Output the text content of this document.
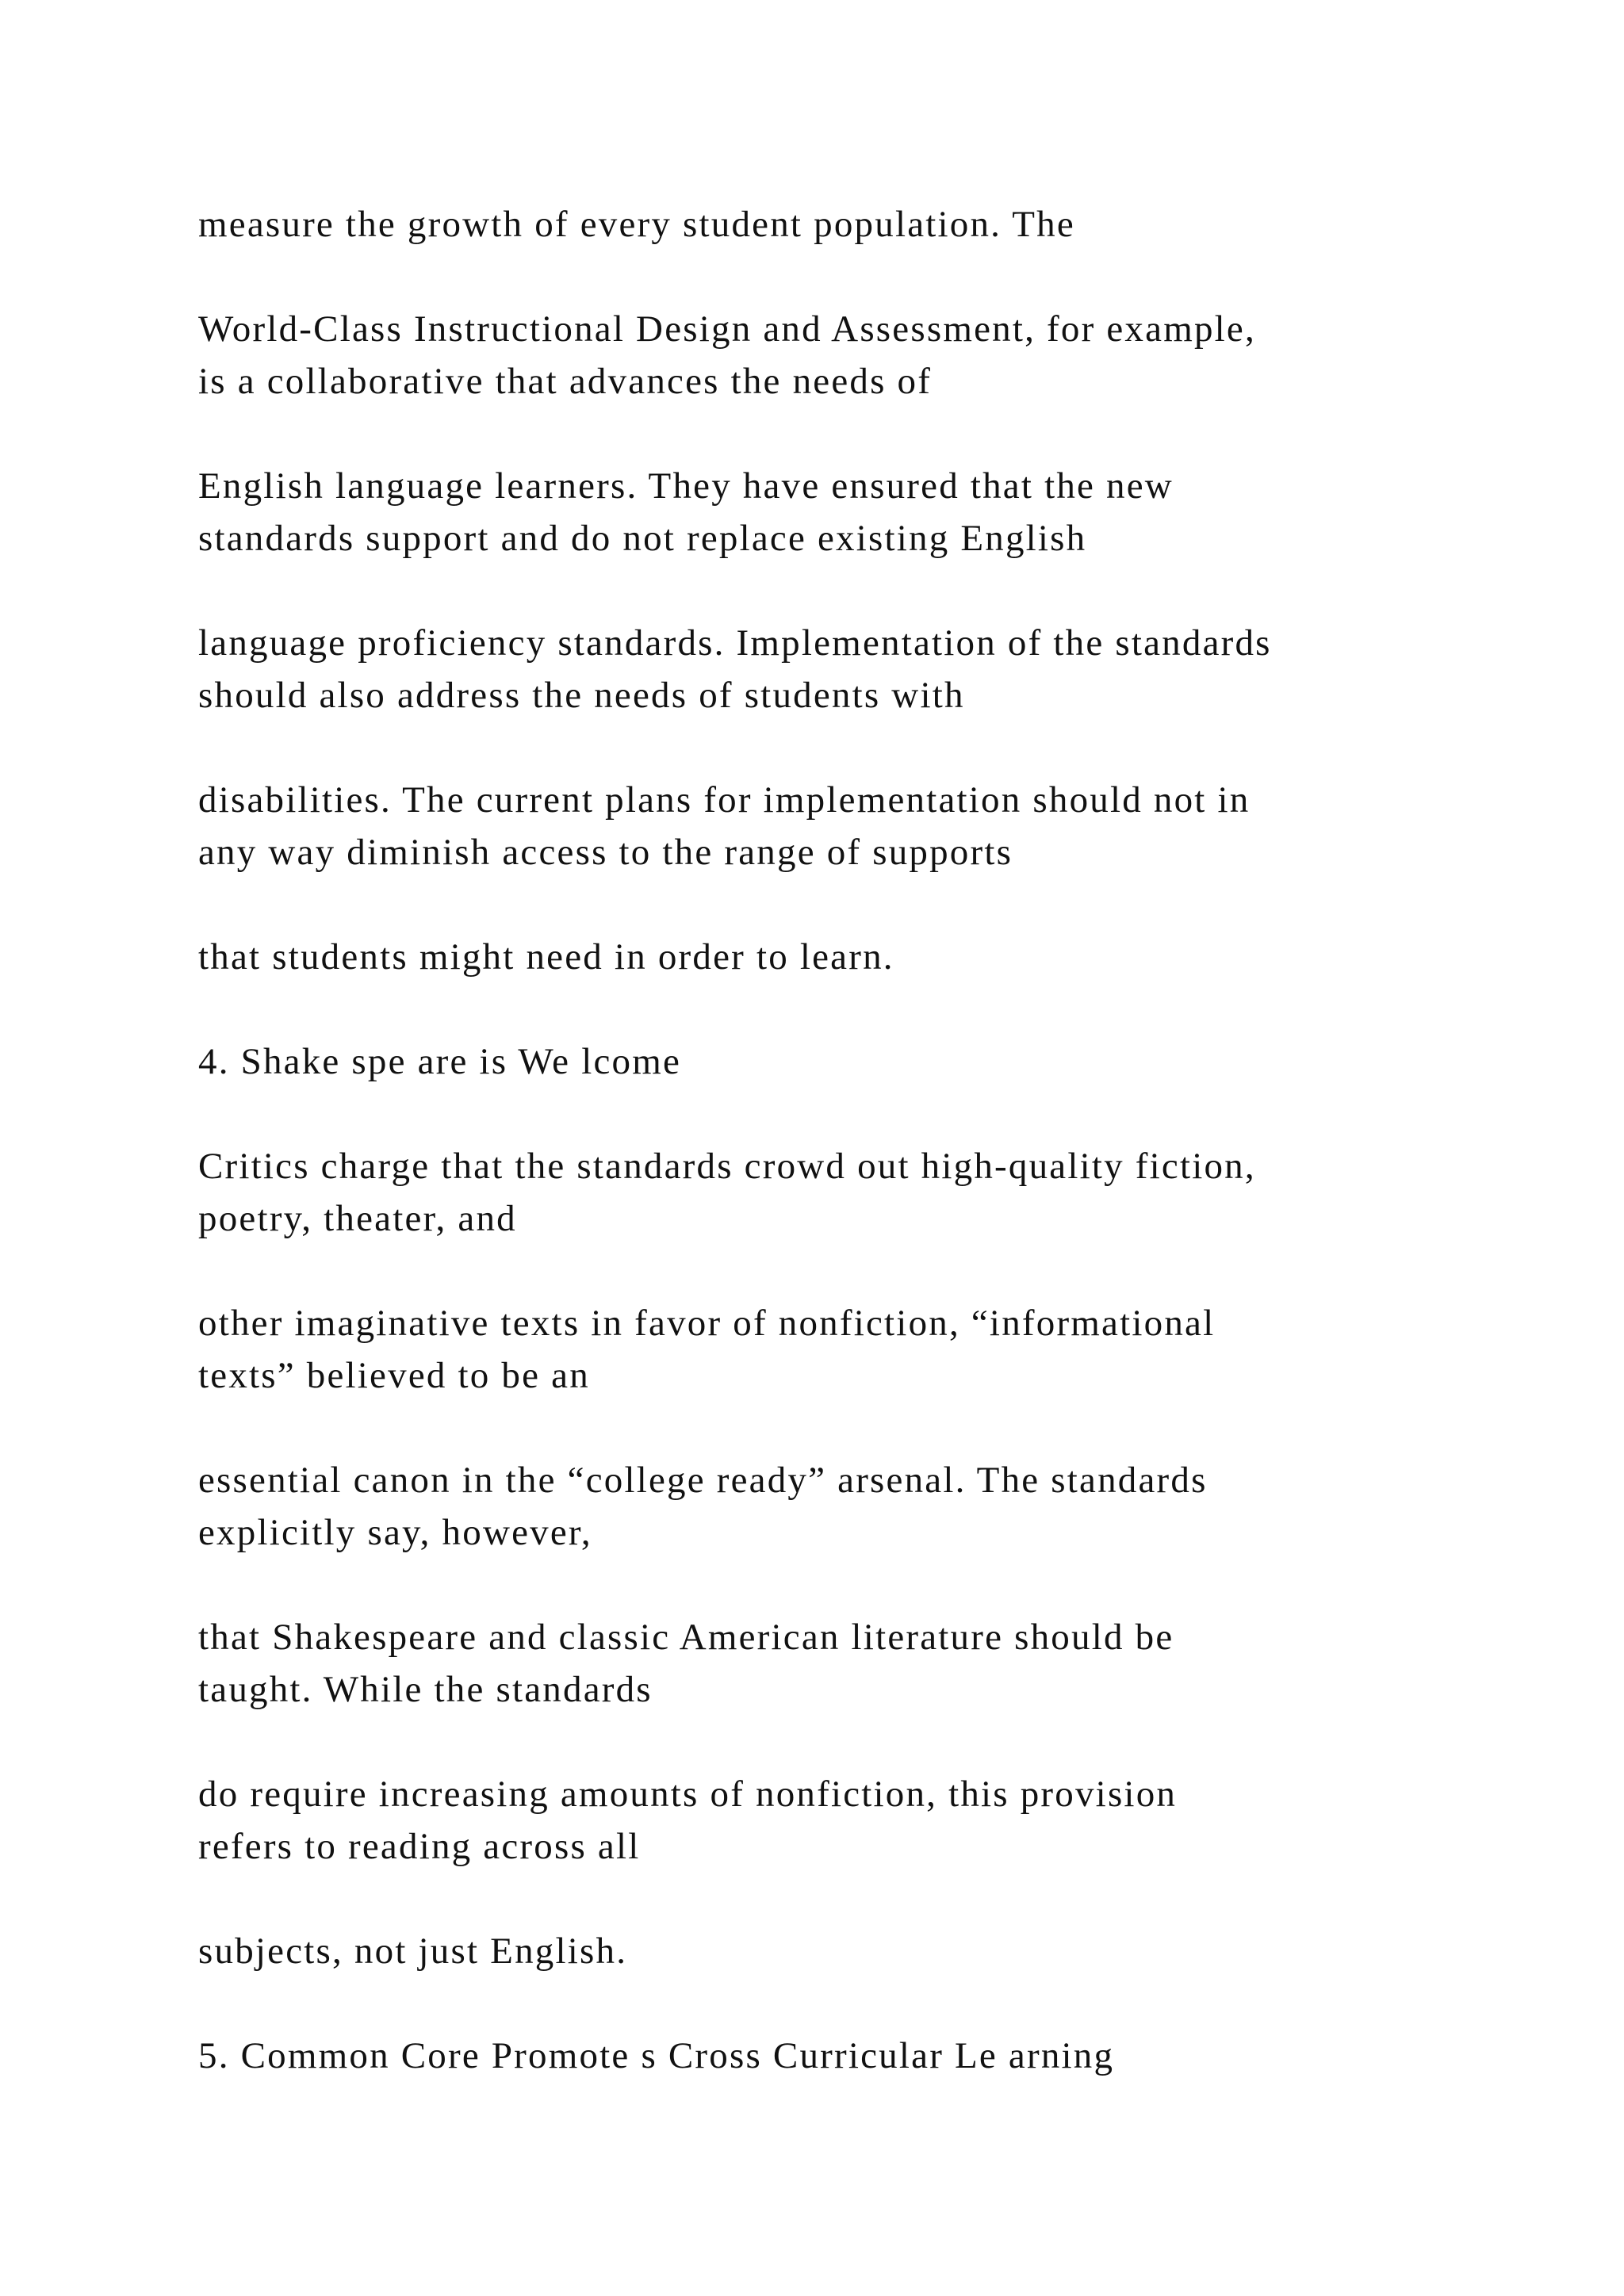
measure the growth of every student population. The
World-Class Instructional Design and Assessment, for example,
is a collaborative that advances the needs of
English language learners. They have ensured that the new
standards support and do not replace existing English
language proficiency standards. Implementation of the standards
should also address the needs of students with
disabilities. The current plans for implementation should not in
any way diminish access to the range of supports
that students might need in order to learn.
4. Shake spe are is We lcome
Critics charge that the standards crowd out high-quality fiction,
poetry, theater, and
other imaginative texts in favor of nonfiction, “informational
texts” believed to be an
essential canon in the “college ready” arsenal. The standards
explicitly say, however,
that Shakespeare and classic American literature should be
taught. While the standards
do require increasing amounts of nonfiction, this provision
refers to reading across all
subjects, not just English.
5. Common Core Promote s Cross Curricular Le arning
